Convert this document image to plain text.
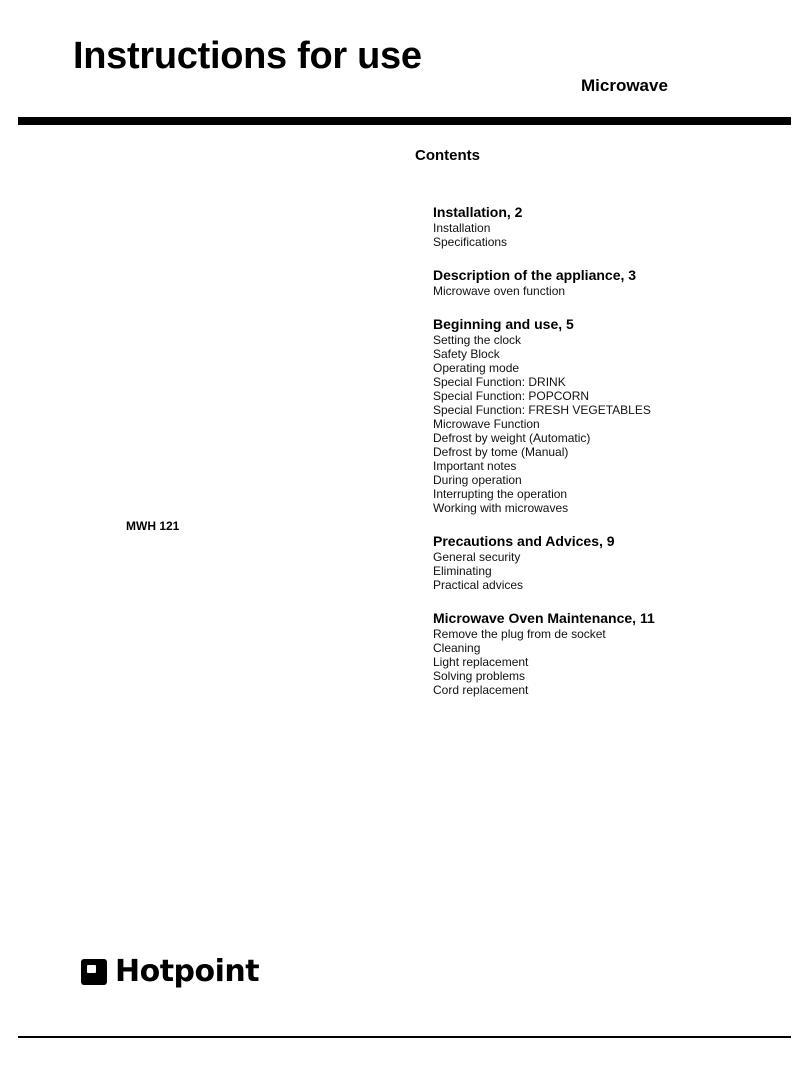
Instructions for use
Microwave
Contents
Installation, 2
Installation
Specifications
Description of the appliance, 3
Microwave oven function
Beginning and use, 5
Setting the clock
Safety Block
Operating mode
Special Function: DRINK
Special Function: POPCORN
Special Function: FRESH VEGETABLES
Microwave Function
Defrost by weight (Automatic)
Defrost by tome (Manual)
Important notes
During operation
Interrupting the operation
Working with microwaves
Precautions and Advices, 9
General security
Eliminating
Practical advices
Microwave Oven Maintenance, 11
Remove the plug from de socket
Cleaning
Light replacement
Solving problems
Cord replacement
MWH 121
Hotpoint
